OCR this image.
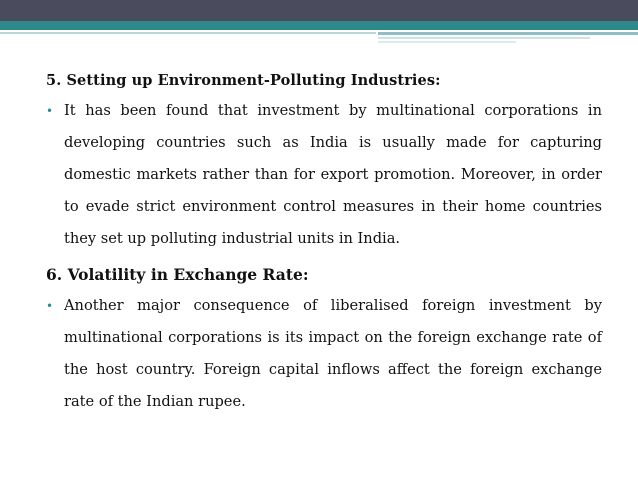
5. Setting up Environment-Polluting Industries:
• It has been found that investment by multinational corporations in developing countries such as India is usually made for capturing domestic markets rather than for export promotion. Moreover, in order to evade strict environment control measures in their home countries they set up polluting industrial units in India.
6. Volatility in Exchange Rate:
• Another major consequence of liberalised foreign investment by multinational corporations is its impact on the foreign exchange rate of the host country. Foreign capital inflows affect the foreign exchange rate of the Indian rupee.
